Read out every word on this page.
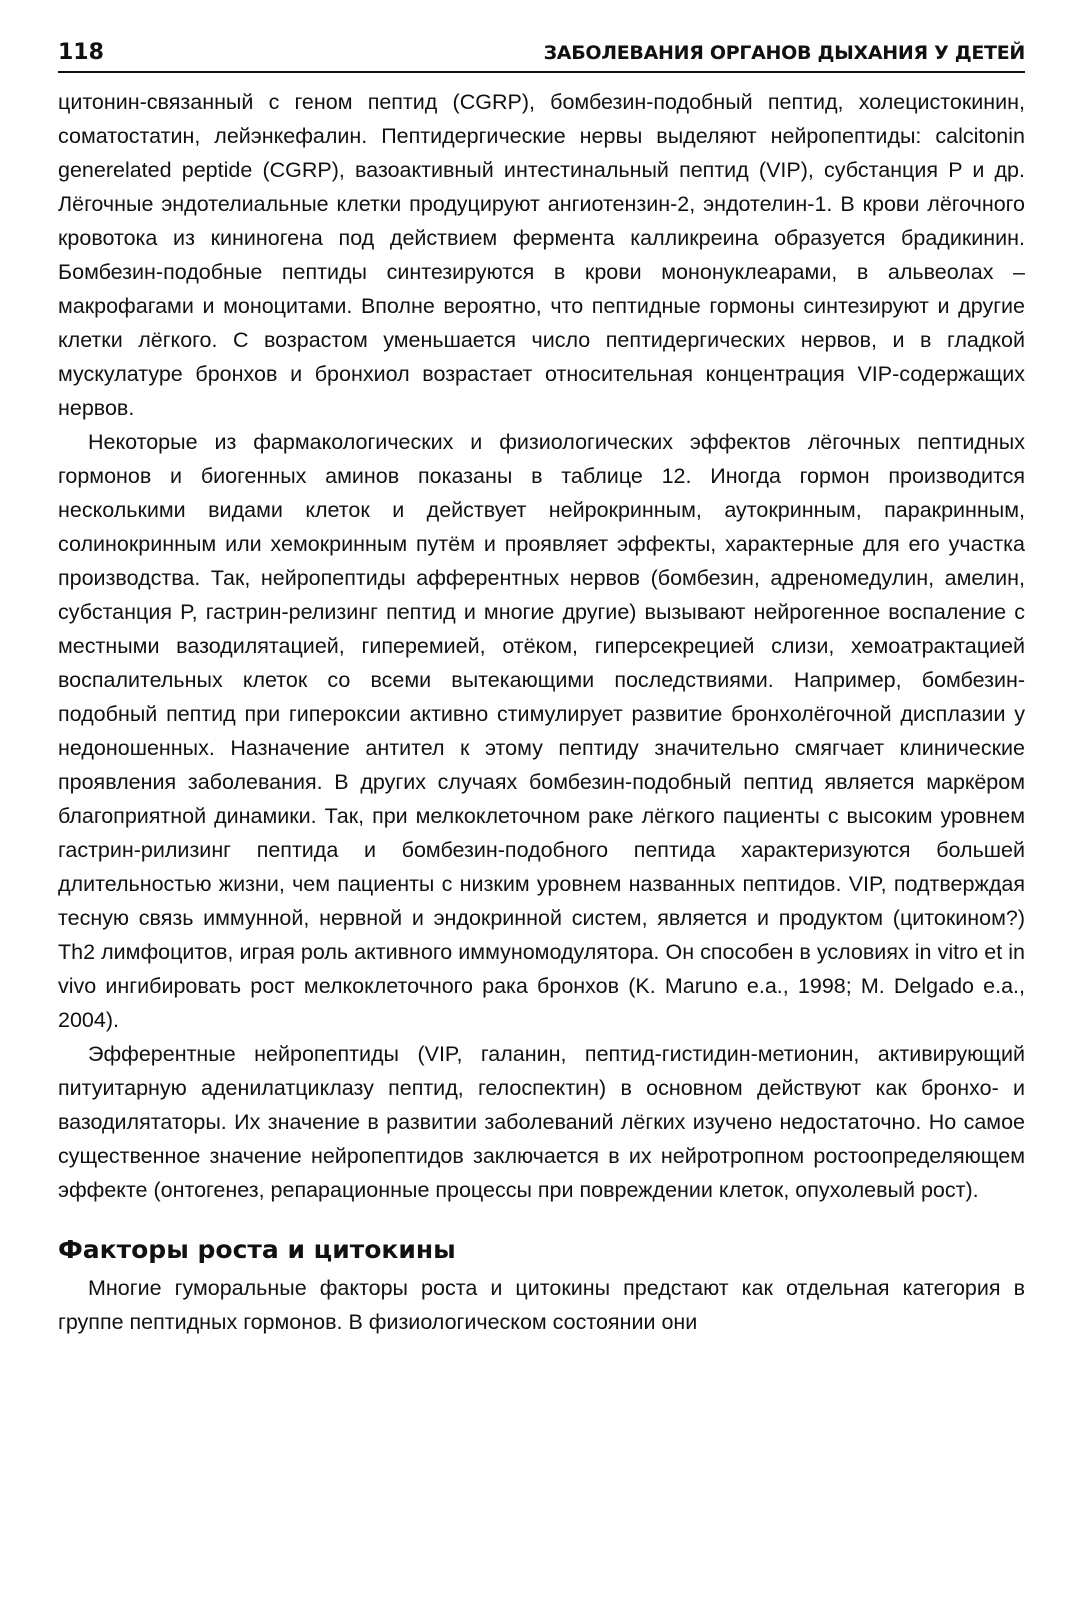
118	ЗАБОЛЕВАНИЯ ОРГАНОВ ДЫХАНИЯ У ДЕТЕЙ

цитонин-связанный с геном пептид (CGRP), бомбезин-подобный пептид, холецистокинин, соматостатин, лейэнкефалин. Пептидергические нервы выделяют нейропептиды: calcitonin generelated peptide (CGRP), вазоактивный интестинальный пептид (VIP), субстанция P и др. Лёгочные эндотелиальные клетки продуцируют ангиотензин-2, эндотелин-1. В крови лёгочного кровотока из кининогена под действием фермента калликреина образуется брадикинин. Бомбезин-подобные пептиды синтезируются в крови мононуклеарами, в альвеолах – макрофагами и моноцитами. Вполне вероятно, что пептидные гормоны синтезируют и другие клетки лёгкого. С возрастом уменьшается число пептидергических нервов, и в гладкой мускулатуре бронхов и бронхиол возрастает относительная концентрация VIP-содержащих нервов.

Некоторые из фармакологических и физиологических эффектов лёгочных пептидных гормонов и биогенных аминов показаны в таблице 12. Иногда гормон производится несколькими видами клеток и действует нейрокринным, аутокринным, паракринным, солинокринным или хемокринным путём и проявляет эффекты, характерные для его участка производства. Так, нейропептиды афферентных нервов (бомбезин, адреномедулин, амелин, субстанция P, гастрин-релизинг пептид и многие другие) вызывают нейрогенное воспаление с местными вазодилятацией, гиперемией, отёком, гиперсекрецией слизи, хемоатрактацией воспалительных клеток со всеми вытекающими последствиями. Например, бомбезин-подобный пептид при гипероксии активно стимулирует развитие бронхолёгочной дисплазии у недоношенных. Назначение антител к этому пептиду значительно смягчает клинические проявления заболевания. В других случаях бомбезин-подобный пептид является маркёром благоприятной динамики. Так, при мелкоклеточном раке лёгкого пациенты с высоким уровнем гастрин-рилизинг пептида и бомбезин-подобного пептида характеризуются большей длительностью жизни, чем пациенты с низким уровнем названных пептидов. VIP, подтверждая тесную связь иммунной, нервной и эндокринной систем, является и продуктом (цитокином?) Th2 лимфоцитов, играя роль активного иммуномодулятора. Он способен в условиях in vitro et in vivo ингибировать рост мелкоклеточного рака бронхов (K. Maruno e.a., 1998; M. Delgado e.a., 2004).

Эфферентные нейропептиды (VIP, галанин, пептид-гистидин-метионин, активирующий питуитарную аденилатциклазу пептид, гелоспектин) в основном действуют как бронхо- и вазодилятаторы. Их значение в развитии заболеваний лёгких изучено недостаточно. Но самое существенное значение нейропептидов заключается в их нейротропном ростоопределяющем эффекте (онтогенез, репарационные процессы при повреждении клеток, опухолевый рост).

Факторы роста и цитокины

Многие гуморальные факторы роста и цитокины предстают как отдельная категория в группе пептидных гормонов. В физиологическом состоянии они
